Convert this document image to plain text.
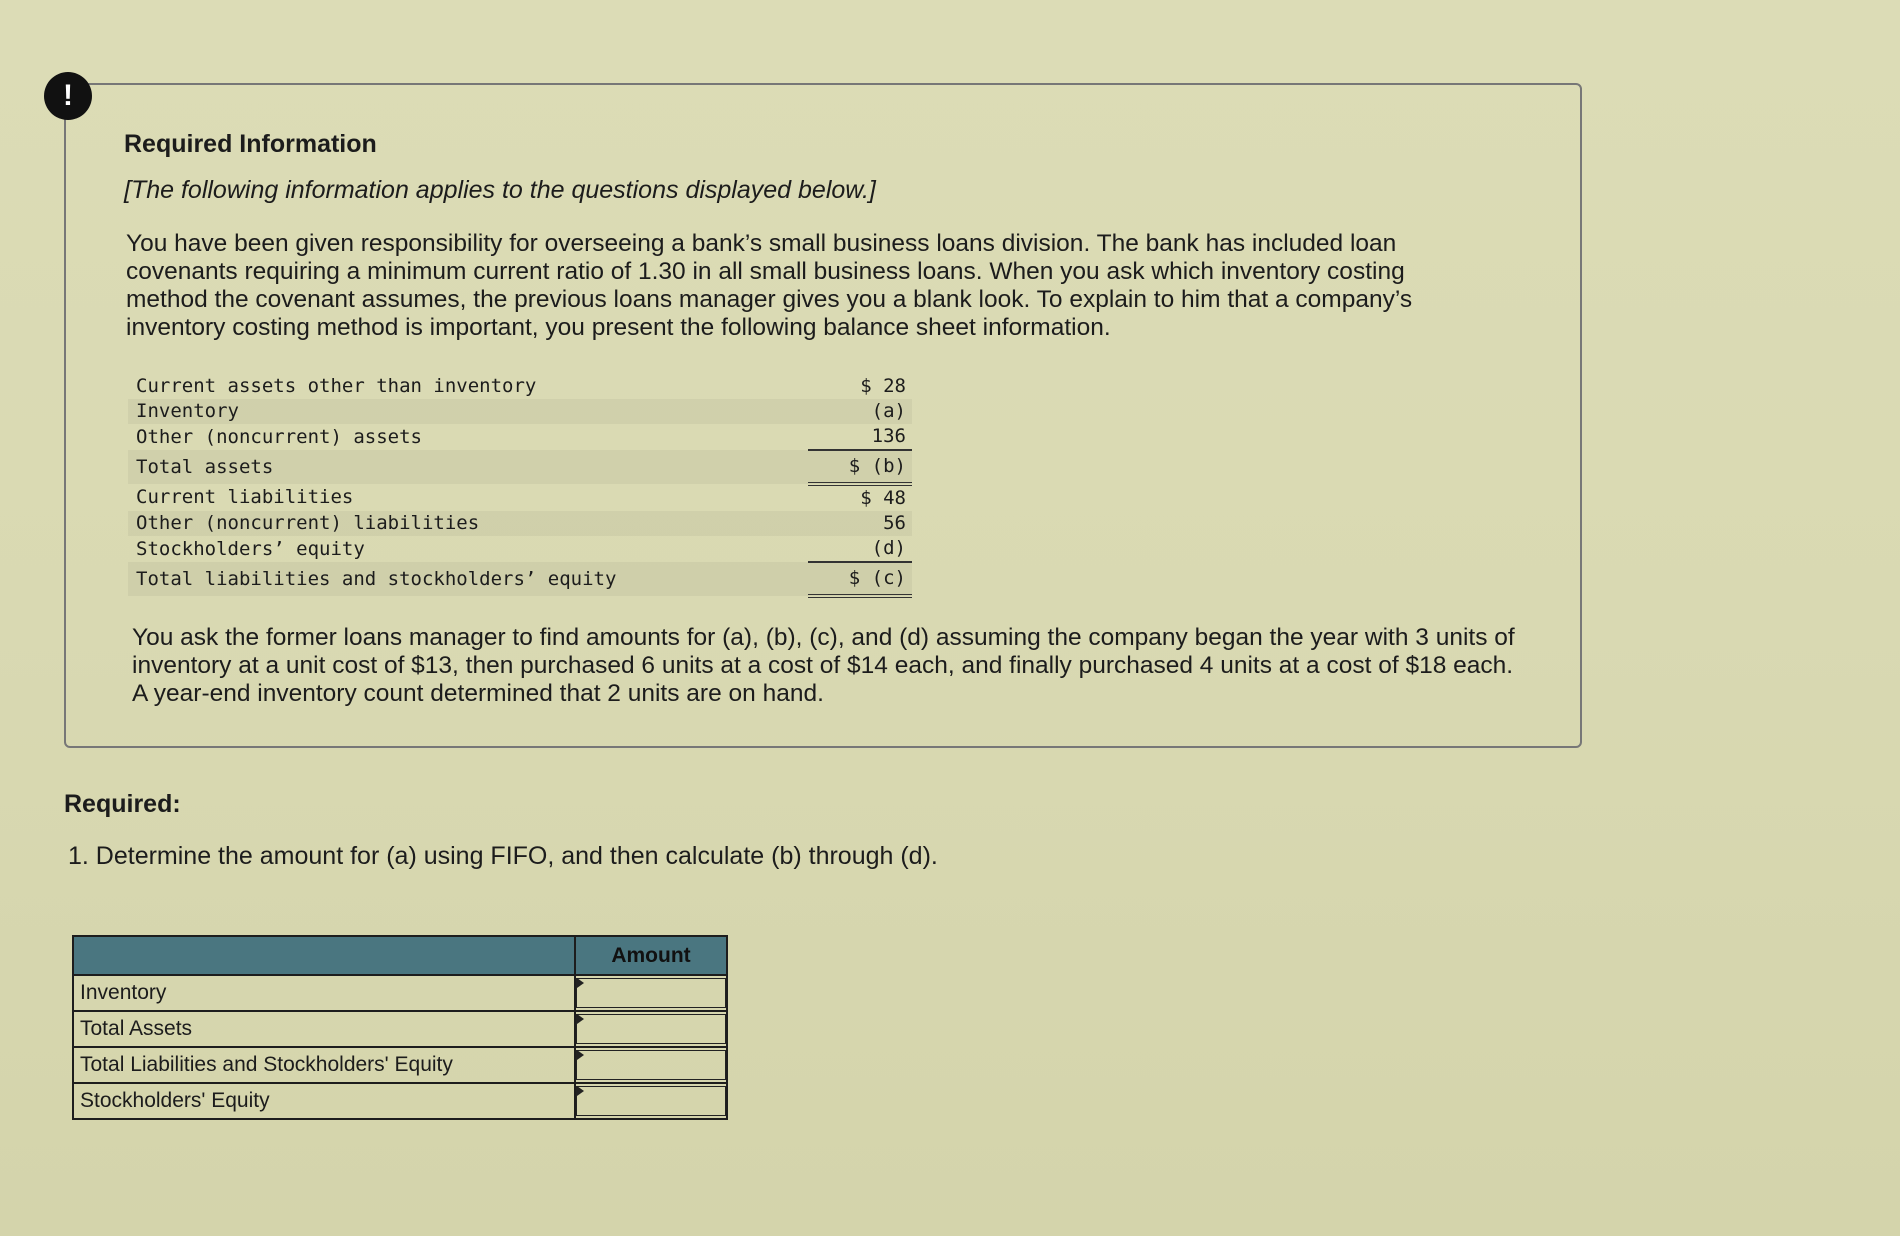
!

Required Information

[The following information applies to the questions displayed below.]

You have been given responsibility for overseeing a bank’s small business loans division. The bank has included loan covenants requiring a minimum current ratio of 1.30 in all small business loans. When you ask which inventory costing method the covenant assumes, the previous loans manager gives you a blank look. To explain to him that a company’s inventory costing method is important, you present the following balance sheet information.

Current assets other than inventory	$ 28
Inventory	(a)
Other (noncurrent) assets	136
Total assets	$ (b)
Current liabilities	$ 48
Other (noncurrent) liabilities	56
Stockholders’ equity	(d)
Total liabilities and stockholders’ equity	$ (c)

You ask the former loans manager to find amounts for (a), (b), (c), and (d) assuming the company began the year with 3 units of inventory at a unit cost of $13, then purchased 6 units at a cost of $14 each, and finally purchased 4 units at a cost of $18 each. A year-end inventory count determined that 2 units are on hand.

Required:

1. Determine the amount for (a) using FIFO, and then calculate (b) through (d).

	Amount
Inventory	

Total Assets	

Total Liabilities and Stockholders' Equity	

Stockholders' Equity	
